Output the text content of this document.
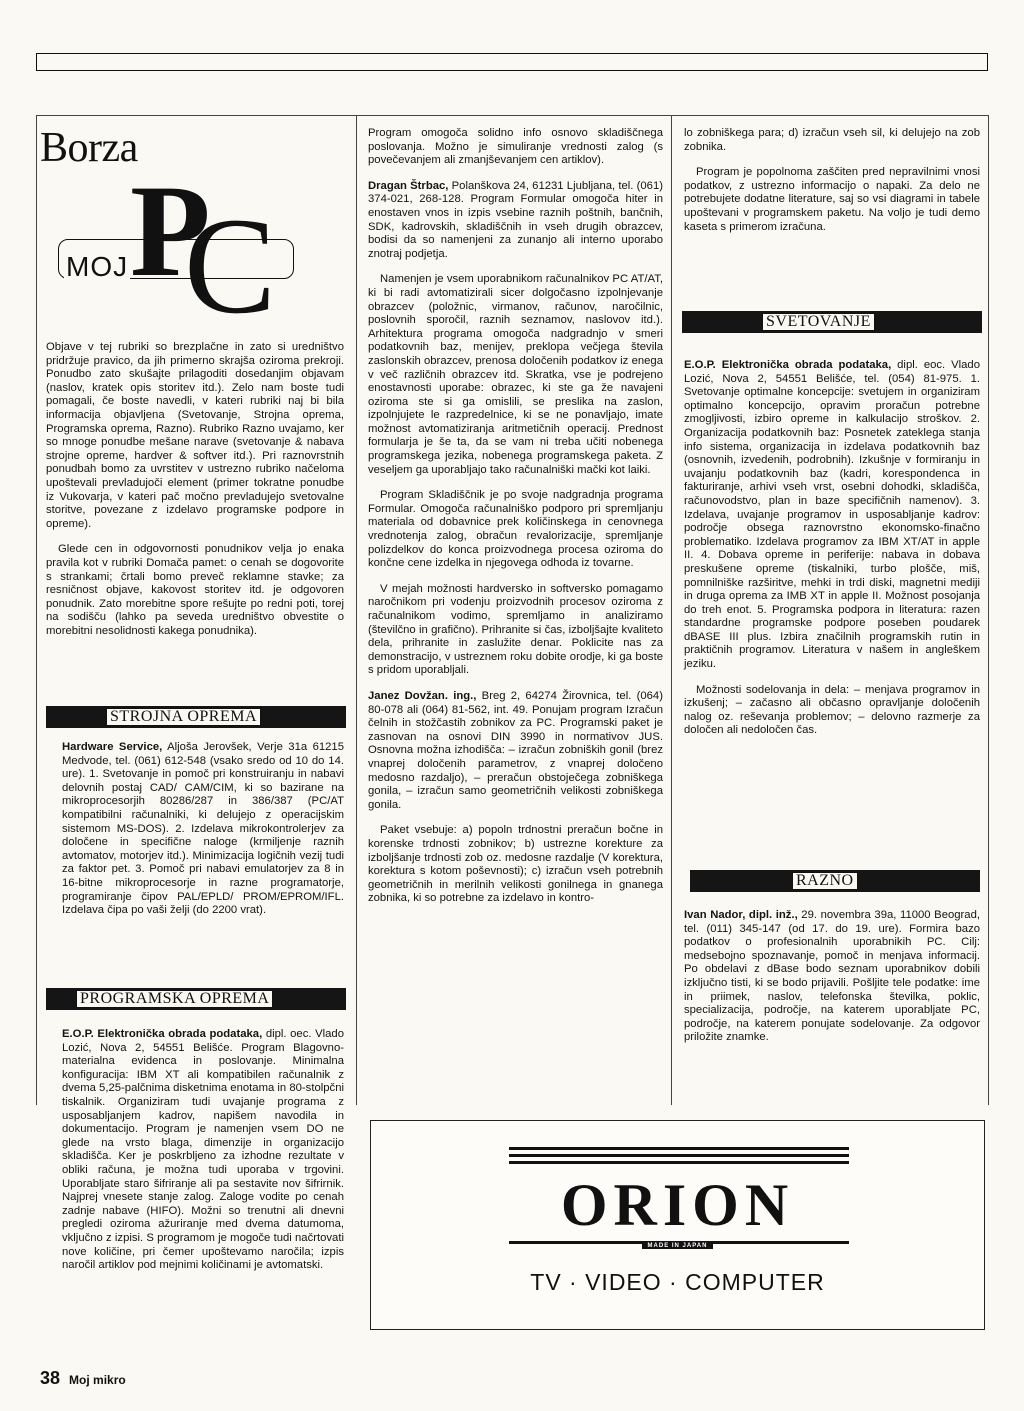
Borza
MOJ P
C

Objave v tej rubriki so brezplačne in zato si uredništvo pridržuje pravico, da jih primerno skrajša oziroma prekroji. Ponudbo zato skušajte prilagoditi dosedanjim objavam (naslov, kratek opis storitev itd.). Zelo nam boste tudi pomagali, če boste navedli, v kateri rubriki naj bi bila informacija objavljena (Svetovanje, Strojna oprema, Programska oprema, Razno). Rubriko Razno uvajamo, ker so mnoge ponudbe mešane narave (svetovanje & nabava strojne opreme, hardver & softver itd.). Pri raznovrstnih ponudbah bomo za uvrstitev v ustrezno rubriko načeloma upoštevali prevladujoči element (primer tokratne ponudbe iz Vukovarja, v kateri pač močno prevladujejo svetovalne storitve, povezane z izdelavo programske podpore in opreme).

Glede cen in odgovornosti ponudnikov velja jo enaka pravila kot v rubriki Domača pamet: o cenah se dogovorite s strankami; črtali bomo preveč reklamne stavke; za resničnost objave, kakovost storitev itd. je odgovoren ponudnik. Zato morebitne spore rešujte po redni poti, torej na sodišču (lahko pa seveda uredništvo obvestite o morebitni nesolidnosti kakega ponudnika).

STROJNA OPREMA

Hardware Service, Aljoša Jerovšek, Verje 31a 61215 Medvode, tel. (061) 612-548 (vsako sredo od 10 do 14. ure). 1. Svetovanje in pomoč pri konstruiranju in nabavi delovnih postaj CAD/ CAM/CIM, ki so bazirane na mikroprocesorjih 80286/287 in 386/387 (PC/AT kompatibilni računalniki, ki delujejo z operacijskim sistemom MS-DOS). 2. Izdelava mikrokontrolerjev za določene in specifične naloge (krmiljenje raznih avtomatov, motorjev itd.). Minimizacija logičnih vezij tudi za faktor pet. 3. Pomoč pri nabavi emulatorjev za 8 in 16-bitne mikroprocesorje in razne programatorje, programiranje čipov PAL/EPLD/ PROM/EPROM/IFL. Izdelava čipa po vaši želji (do 2200 vrat).

PROGRAMSKA OPREMA

E.O.P. Elektronička obrada podataka, dipl. oec. Vlado Lozić, Nova 2, 54551 Belišće. Program Blagovno-materialna evidenca in poslovanje. Minimalna konfiguracija: IBM XT ali kompatibilen računalnik z dvema 5,25-palčnima disketnima enotama in 80-stolpčni tiskalnik. Organiziram tudi uvajanje programa z usposabljanjem kadrov, napišem navodila in dokumentacijo. Program je namenjen vsem DO ne glede na vrsto blaga, dimenzije in organizacijo skladišča. Ker je poskrbljeno za izhodne rezultate v obliki računa, je možna tudi uporaba v trgovini. Uporabljate staro šifriranje ali pa sestavite nov šifrirnik. Najprej vnesete stanje zalog. Zaloge vodite po cenah zadnje nabave (HIFO). Možni so trenutni ali dnevni pregledi oziroma ažuriranje med dvema datumoma, vključno z izpisi. S programom je mogoče tudi načrtovati nove količine, pri čemer upoštevamo naročila; izpis naročil artiklov pod mejnimi količinami je avtomatski.

Program omogoča solidno info osnovo skladiščnega poslovanja. Možno je simuliranje vrednosti zalog (s povečevanjem ali zmanjševanjem cen artiklov).

Dragan Štrbac, Polanškova 24, 61231 Ljubljana, tel. (061) 374-021, 268-128. Program Formular omogoča hiter in enostaven vnos in izpis vsebine raznih poštnih, bančnih, SDK, kadrovskih, skladiščnih in vseh drugih obrazcev, bodisi da so namenjeni za zunanjo ali interno uporabo znotraj podjetja.

Namenjen je vsem uporabnikom računalnikov PC AT/AT, ki bi radi avtomatizirali sicer dolgočasno izpolnjevanje obrazcev (položnic, virmanov, računov, naročilnic, poslovnih sporočil, raznih seznamov, naslovov itd.). Arhitektura programa omogoča nadgradnjo v smeri podatkovnih baz, menijev, preklopa večjega števila zaslonskih obrazcev, prenosa določenih podatkov iz enega v več različnih obrazcev itd. Skratka, vse je podrejeno enostavnosti uporabe: obrazec, ki ste ga že navajeni oziroma ste si ga omislili, se preslika na zaslon, izpolnjujete le razpredelnice, ki se ne ponavljajo, imate možnost avtomatiziranja aritmetičnih operacij. Prednost formularja je še ta, da se vam ni treba učiti nobenega programskega jezika, nobenega programskega paketa. Z veseljem ga uporabljajo tako računalniški mački kot laiki.

Program Skladiščnik je po svoje nadgradnja programa Formular. Omogoča računalniško podporo pri spremljanju materiala od dobavnice prek količinskega in cenovnega vrednotenja zalog, obračun revalorizacije, spremljanje polizdelkov do konca proizvodnega procesa oziroma do končne cene izdelka in njegovega odhoda iz tovarne.

V mejah možnosti hardversko in softversko pomagamo naročnikom pri vodenju proizvodnih procesov oziroma z računalnikom vodimo, spremljamo in analiziramo (številčno in grafično). Prihranite si čas, izboljšajte kvaliteto dela, prihranite in zaslužite denar. Poklicite nas za demonstracijo, v ustreznem roku dobite orodje, ki ga boste s pridom uporabljali.

Janez Dovžan. ing., Breg 2, 64274 Žirovnica, tel. (064) 80-078 ali (064) 81-562, int. 49. Ponujam program Izračun čelnih in stožčastih zobnikov za PC. Programski paket je zasnovan na osnovi DIN 3990 in normativov JUS. Osnovna možna izhodišča: – izračun zobniških gonil (brez vnaprej določenih parametrov, z vnaprej določeno medosno razdaljo), – preračun obstoječega zobniškega gonila, – izračun samo geometričnih velikosti zobniškega gonila.

Paket vsebuje: a) popoln trdnostni preračun bočne in korenske trdnosti zobnikov; b) ustrezne korekture za izboljšanje trdnosti zob oz. medosne razdalje (V korektura, korektura s kotom poševnosti); c) izračun vseh potrebnih geometričnih in merilnih velikosti gonilnega in gnanega zobnika, ki so potrebne za izdelavo in kontro-

lo zobniškega para; d) izračun vseh sil, ki delujejo na zob zobnika.

Program je popolnoma zaščiten pred nepravilnimi vnosi podatkov, z ustrezno informacijo o napaki. Za delo ne potrebujete dodatne literature, saj so vsi diagrami in tabele upoštevani v programskem paketu. Na voljo je tudi demo kaseta s primerom izračuna.

SVETOVANJE

E.O.P. Elektronička obrada podataka, dipl. eoc. Vlado Lozić, Nova 2, 54551 Belišće, tel. (054) 81-975. 1. Svetovanje optimalne koncepcije: svetujem in organiziram optimalno koncepcijo, opravim proračun potrebne zmogljivosti, izbiro opreme in kalkulacijo stroškov. 2. Organizacija podatkovnih baz: Posnetek zateklega stanja info sistema, organizacija in izdelava podatkovnih baz (osnovnih, izvedenih, podrobnih). Izkušnje v formiranju in uvajanju podatkovnih baz (kadri, korespondenca in fakturiranje, arhivi vseh vrst, osebni dohodki, skladišča, računovodstvo, plan in baze specifičnih namenov). 3. Izdelava, uvajanje programov in usposabljanje kadrov: področje obsega raznovrstno ekonomsko-finačno problematiko. Izdelava programov za IBM XT/AT in apple II. 4. Dobava opreme in periferije: nabava in dobava preskušene opreme (tiskalniki, turbo plošče, miš, pomnilniške razširitve, mehki in trdi diski, magnetni mediji in druga oprema za IMB XT in apple II. Možnost posojanja do treh enot. 5. Programska podpora in literatura: razen standardne programske podpore poseben poudarek dBASE III plus. Izbira značilnih programskih rutin in praktičnih programov. Literatura v našem in angleškem jeziku.

Možnosti sodelovanja in dela: – menjava programov in izkušenj; – začasno ali občasno opravljanje določenih nalog oz. reševanja problemov; – delovno razmerje za določen ali nedoločen čas.

RAZNO

Ivan Nador, dipl. inž., 29. novembra 39a, 11000 Beograd, tel. (011) 345-147 (od 17. do 19. ure). Formira bazo podatkov o profesionalnih uporabnikih PC. Cilj: medsebojno spoznavanje, pomoč in menjava informacij. Po obdelavi z dBase bodo seznam uporabnikov dobili izključno tisti, ki se bodo prijavili. Pošljite tele podatke: ime in priimek, naslov, telefonska številka, poklic, specializacija, področje, na katerem uporabljate PC, področje, na katerem ponujate sodelovanje. Za odgovor priložite znamke.

ORION
MADE IN JAPAN
TV · VIDEO · COMPUTER
38 Moj mikro
